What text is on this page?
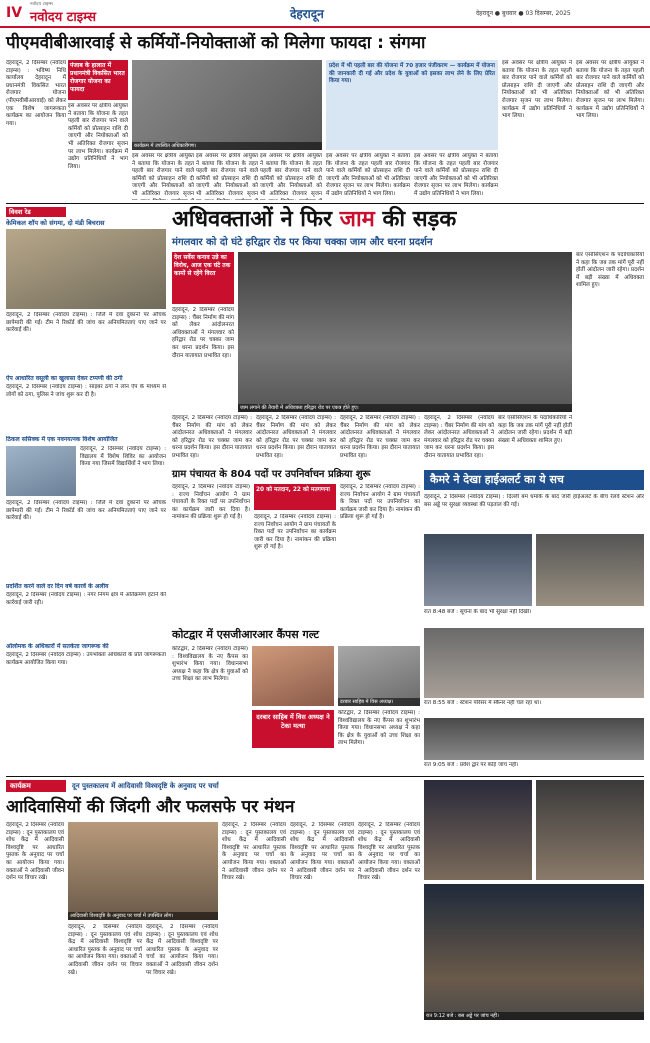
IV
नवोदय टाइम्स
नवोदय टाइम्स	देहरादून	देहरादून ● बुधवार ● 03 दिसम्बर, 2025
पीएमवीबीआरवाई से कर्मियों-नियोक्ताओं को मिलेगा फायदा : संगमा
देहरादून, 2 दिसम्बर (नवोदय टाइम्स) : भविष्य निधि कार्यालय देहरादून में प्रधानमंत्री विकसित भारत रोजगार योजना (पीएमवीबीआरवाई) को लेकर एक विशेष जागरूकता कार्यक्रम का आयोजन किया गया।
पंजाब के हालात में प्रधानमंत्री विकसित भारत रोजगार योजना का फायदा
इस अवसर पर क्षेत्रीय आयुक्त ने बताया कि योजना के तहत पहली बार रोजगार पाने वाले कर्मियों को प्रोत्साहन राशि दी जाएगी और नियोक्ताओं को भी अतिरिक्त रोजगार सृजन पर लाभ मिलेगा। कार्यक्रम में उद्योग प्रतिनिधियों ने भाग लिया।
कार्यक्रम में उपस्थित अधिकारीगण।
इस अवसर पर क्षेत्रीय आयुक्त ने बताया कि योजना के तहत पहली बार रोजगार पाने वाले कर्मियों को प्रोत्साहन राशि दी जाएगी और नियोक्ताओं को भी अतिरिक्त रोजगार सृजन
इस अवसर पर क्षेत्रीय आयुक्त ने बताया कि योजना के तहत पहली बार रोजगार पाने वाले कर्मियों को प्रोत्साहन राशि दी जाएगी और नियोक्ताओं को भी अतिरिक्त रोजगार सृजन
इस अवसर पर क्षेत्रीय आयुक्त ने बताया कि योजना के तहत पहली बार रोजगार पाने वाले कर्मियों को प्रोत्साहन राशि दी जाएगी और नियोक्ताओं को भी अतिरिक्त रोजगार सृजन
प्रदेश में भी पहली बार की योजना में 70 हजार पंजीकरण — कार्यक्रम में योजना की जानकारी दी गई और प्रदेश के युवाओं को इसका लाभ लेने के लिए प्रेरित किया गया।
इस अवसर पर क्षेत्रीय आयुक्त ने बताया कि योजना के तहत पहली बार रोजगार पाने वाले कर्मियों को प्रोत्साहन राशि दी जाएगी और नियोक्ताओं को भी अतिरिक्त रोजगार सृजन पर लाभ मिलेगा। कार्यक्रम में उद्योग प्रतिनिधियों ने भाग लिया।
इस अवसर पर क्षेत्रीय आयुक्त ने बताया कि योजना के तहत पहली बार रोजगार पाने वाले कर्मियों को प्रोत्साहन राशि दी जाएगी और नियोक्ताओं को भी अतिरिक्त रोजगार सृजन पर लाभ मिलेगा। कार्यक्रम में उद्योग प्रतिनिधियों ने भाग लिया।
इस अवसर पर क्षेत्रीय आयुक्त ने बताया कि योजना के तहत पहली बार रोजगार पाने वाले कर्मियों को प्रोत्साहन राशि दी जाएगी और नियोक्ताओं को भी अतिरिक्त रोजगार सृजन पर लाभ मिलेगा। कार्यक्रम में उद्योग प्रतिनिधियों ने भाग लिया।
इस अवसर पर क्षेत्रीय आयुक्त ने बताया कि योजना के तहत पहली बार रोजगार पाने वाले कर्मियों को प्रोत्साहन राशि दी जाएगी और नियोक्ताओं को भी अतिरिक्त रोजगार सृजन पर लाभ मिलेगा। कार्यक्रम में उद्योग प्रतिनिधियों ने भाग लिया।
विवश रेड
केमिकल शॉप को संगमा, दो मंडी बिचरास
देहरादून, 2 दिसम्बर (नवोदय टाइम्स) : जिले में दवा दुकानों पर औचक छापेमारी की गई। टीम ने रिकॉर्ड की जांच कर अनियमितताएं पाए जाने पर कार्रवाई की।
ऐप आधारित वसूली का खुलासा देकर टप्पणी की ठगी
देहरादून, 2 दिसम्बर (नवोदय टाइम्स) : साइबर ठगों ने लोन ऐप के माध्यम से लोगों को ठगा, पुलिस ने जांच शुरू कर दी है।
ठिकल ससिक्क में एक नवनयत्नक विशेष आयोजित
देहरादून, 2 दिसम्बर (नवोदय टाइम्स) : विद्यालय में विशेष शिविर का आयोजन किया गया जिसमें विद्यार्थियों ने भाग लिया।
देहरादून, 2 दिसम्बर (नवोदय टाइम्स) : जिले में दवा दुकानों पर औचक छापेमारी की गई। टीम ने रिकॉर्ड की जांच कर अनियमितताएं पाए जाने पर कार्रवाई की।
प्रदर्शित करने वाले दर दिन वर्ष कारवें के अलीय
देहरादून, 2 दिसम्बर (नवोदय टाइम्स) : नगर निगम क्षेत्र में अतिक्रमण हटाने की कार्रवाई जारी रही।
ओलोमक के अधिकारों में सतर्कता जागरूक की
देहरादून, 2 दिसम्बर (नवोदय टाइम्स) : उपभोक्ता अधिकारों के प्रति जागरूकता कार्यक्रम आयोजित किया गया।
अधिवक्ताओं ने फिर जाम की सड़क
मंगलवार को दो घंटे हरिद्वार रोड पर किया चक्का जाम और धरना प्रदर्शन
देश सर्वेस कनाव उन्ने का विरोध, आज एक घंटे तक कामों से रहेंगे विरत
देहरादून, 2 दिसम्बर (नवोदय टाइम्स) : चैंबर निर्माण की मांग को लेकर आंदोलनरत अधिवक्ताओं ने मंगलवार को हरिद्वार रोड पर चक्का जाम कर धरना प्रदर्शन किया। इस दौरान यातायात प्रभावित रहा।
जाम लगाने की तैयारी में अधिवक्ता हरिद्वार रोड पर एकत्र होते हुए।
बार एसोसिएशन के पदाधिकारियों ने कहा कि जब तक मांगें पूरी नहीं होतीं आंदोलन जारी रहेगा। प्रदर्शन में बड़ी संख्या में अधिवक्ता शामिल हुए।
देहरादून, 2 दिसम्बर (नवोदय टाइम्स) : चैंबर निर्माण की मांग को लेकर आंदोलनरत अधिवक्ताओं ने मंगलवार को हरिद्वार रोड पर चक्का जाम कर धरना प्रदर्शन किया। इस दौरान यातायात प्रभावित रहा।
देहरादून, 2 दिसम्बर (नवोदय टाइम्स) : चैंबर निर्माण की मांग को लेकर आंदोलनरत अधिवक्ताओं ने मंगलवार को हरिद्वार रोड पर चक्का जाम कर धरना प्रदर्शन किया। इस दौरान यातायात प्रभावित रहा।
देहरादून, 2 दिसम्बर (नवोदय टाइम्स) : चैंबर निर्माण की मांग को लेकर आंदोलनरत अधिवक्ताओं ने मंगलवार को हरिद्वार रोड पर चक्का जाम कर धरना प्रदर्शन किया। इस दौरान यातायात प्रभावित रहा।
देहरादून, 2 दिसम्बर (नवोदय टाइम्स) : चैंबर निर्माण की मांग को लेकर आंदोलनरत अधिवक्ताओं ने मंगलवार को हरिद्वार रोड पर चक्का जाम कर धरना प्रदर्शन किया। इस दौरान यातायात प्रभावित रहा।
बार एसोसिएशन के पदाधिकारियों ने कहा कि जब तक मांगें पूरी नहीं होतीं आंदोलन जारी रहेगा। प्रदर्शन में बड़ी संख्या में अधिवक्ता शामिल हुए।
ग्राम पंचायत के 804 पदों पर उपनिर्वाचन प्रक्रिया शुरू
20 को मतदान, 22 को मतगणना
देहरादून, 2 दिसम्बर (नवोदय टाइम्स) : राज्य निर्वाचन आयोग ने ग्राम पंचायतों के रिक्त पदों पर उपनिर्वाचन का कार्यक्रम जारी कर दिया है। नामांकन की प्रक्रिया शुरू हो गई है।	देहरादून, 2 दिसम्बर (नवोदय टाइम्स) : राज्य निर्वाचन आयोग ने ग्राम पंचायतों के रिक्त पदों पर उपनिर्वाचन का कार्यक्रम जारी कर दिया है। नामांकन की प्रक्रिया शुरू हो गई है।
देहरादून, 2 दिसम्बर (नवोदय टाइम्स) : राज्य निर्वाचन आयोग ने ग्राम पंचायतों के रिक्त पदों पर उपनिर्वाचन का कार्यक्रम जारी कर दिया है। नामांकन की प्रक्रिया शुरू हो गई है।
कैमरे ने देखा हाईअलर्ट का ये सच
देहरादून, 2 दिसम्बर (नवोदय टाइम्स) : दिल्ली बम धमाके के बाद जारी हाईअलर्ट के बीच रेलवे स्टेशन और बस अड्डे पर सुरक्षा व्यवस्था की पड़ताल की गई।
रात 8:48 बजे : सूचना के बाद भी सुरक्षा नहीं दिखी।
रात 8:55 बजे : स्टेशन परिसर में स्कैनर नहीं चल रहा था।
रात 9:05 बजे : प्रवेश द्वार पर कोई जांच नहीं।
कोटद्वार में एसजीआरआर कैंपस गल्ट
कोटद्वार, 2 दिसम्बर (नवोदय टाइम्स) : विश्वविद्यालय के नए कैंपस का शुभारंभ किया गया। विधानसभा अध्यक्ष ने कहा कि क्षेत्र के युवाओं को उच्च शिक्षा का लाभ मिलेगा।
दरबार साहिब में विस अध्यक्ष ने टेका मत्था
दरबार साहिब में विस अध्यक्ष।
कोटद्वार, 2 दिसम्बर (नवोदय टाइम्स) : विश्वविद्यालय के नए कैंपस का शुभारंभ किया गया। विधानसभा अध्यक्ष ने कहा कि क्षेत्र के युवाओं को उच्च शिक्षा का लाभ मिलेगा।
कार्यक्रम	दून पुस्तकालय में आदिवासी विश्वदृष्टि के अनुवाद पर चर्चा
आदिवासियों की जिंदगी और फलसफे पर मंथन
देहरादून, 2 दिसम्बर (नवोदय टाइम्स) : दून पुस्तकालय एवं शोध केंद्र में आदिवासी विश्वदृष्टि पर आधारित पुस्तक के अनुवाद पर चर्चा का आयोजन किया गया। वक्ताओं ने आदिवासी जीवन दर्शन पर विचार रखे।
आदिवासी विश्वदृष्टि के अनुवाद पर चर्चा में उपस्थित लोग।
देहरादून, 2 दिसम्बर (नवोदय टाइम्स) : दून पुस्तकालय एवं शोध केंद्र में आदिवासी विश्वदृष्टि पर आधारित पुस्तक के अनुवाद पर चर्चा का आयोजन किया गया। वक्ताओं ने आदिवासी जीवन दर्शन पर विचार रखे।
देहरादून, 2 दिसम्बर (नवोदय टाइम्स) : दून पुस्तकालय एवं शोध केंद्र में आदिवासी विश्वदृष्टि पर आधारित पुस्तक के अनुवाद पर चर्चा का आयोजन किया गया। वक्ताओं ने आदिवासी जीवन दर्शन पर विचार रखे।
देहरादून, 2 दिसम्बर (नवोदय टाइम्स) : दून पुस्तकालय एवं शोध केंद्र में आदिवासी विश्वदृष्टि पर आधारित पुस्तक के अनुवाद पर चर्चा का आयोजन किया गया। वक्ताओं ने आदिवासी जीवन दर्शन पर विचार रखे।
देहरादून, 2 दिसम्बर (नवोदय टाइम्स) : दून पुस्तकालय एवं शोध केंद्र में आदिवासी विश्वदृष्टि पर आधारित पुस्तक के अनुवाद पर चर्चा का आयोजन किया गया। वक्ताओं ने आदिवासी जीवन दर्शन पर विचार रखे।
देहरादून, 2 दिसम्बर (नवोदय टाइम्स) : दून पुस्तकालय एवं शोध केंद्र में आदिवासी विश्वदृष्टि पर आधारित पुस्तक के अनुवाद पर चर्चा का आयोजन किया गया। वक्ताओं ने आदिवासी जीवन दर्शन पर विचार रखे।
रात 9:12 बजे : बस अड्डे पर जांच नहीं।
